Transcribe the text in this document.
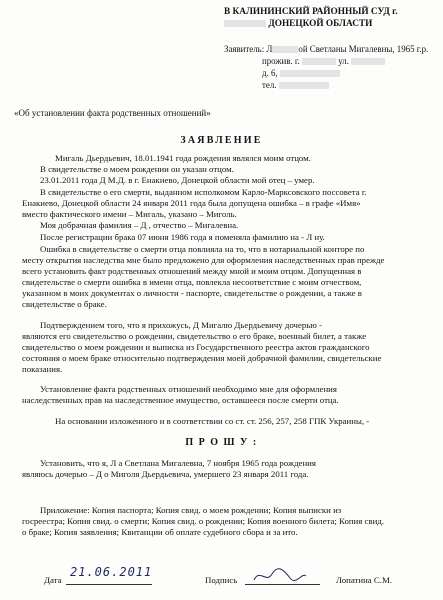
В КАЛИНИНСКИЙ РАЙОННЫЙ СУД г.
ДОНЕЦКОЙ ОБЛАСТИ
Заявитель: Л	ой Светланы Мигалевны, 1965 г.р.
прожив. г.	ул.
д. 6,
тел.
«Об установлении факта родственных отношений»
ЗАЯВЛЕНИЕ
Мигаль Дьердьевич, 18.01.1941 года рождения являлся моим отцом.
В свидетельстве о моем рождении он указан отцом.
23.01.2011 года Д М.Д. в г. Енакиево, Донецкой области мой отец – умер.
В свидетельстве о его смерти, выданном исполкомом Карло-Марксовского поссовета г.
Енакиево, Донецкой области 24 января 2011 года была допущена ошибка – в графе «Имя»
вместо фактического имени – Мигаль, указано – Миголь.
Моя добрачная фамилия – Д , отчество – Мигалевна.
После регистрации брака 07 июня 1986 года я поменяла фамилию на - Л ну.
Ошибка в свидетельстве о смерти отца повлияла на то, что в нотариальной конторе по
месту открытия наследства мне было предложено для оформления наследственных прав прежде
всего установить факт родственных отношений между мной и моим отцом. Допущенная в
свидетельстве о смерти ошибка в имени отца, повлекла несоответствие с моим отчеством,
указанном в моих документах о личности - паспорте, свидетельстве о рождении, а также в
свидетельстве о браке.
Подтверждением того, что я прихожусь, Д Мигалю Дьердьевичу дочерью -
являются его свидетельство о рождении, свидетельство о его браке, военный билет, а также
свидетельство о моем рождении и выписка из Государственного реестра актов гражданского
состояния о моем браке относительно подтверждения моей добрачной фамилии, свидетельские
показания.
Установление факта родственных отношений необходимо мне для оформления
наследственных прав на наследственное имущество, оставшееся после смерти отца.
На основании изложенного и в соответствии со ст. ст. 256, 257, 258 ГПК Украины, -
П Р О Ш У :
Установить, что я, Л а Светлана Мигалевна, 7 ноября 1965 года рождения
являюсь дочерью – Д о Миголя Дьердьевича, умершего 23 января 2011 года.
Приложение: Копия паспорта; Копия свид. о моем рождении; Копия выписки из
госреестра; Копия свид. о смерти; Копия свид. о рождении; Копия военного билета; Копия свид.
о браке; Копия заявления; Квитанции об оплате судебного сбора и за ито.
Дата
21.06.2011
Подпись	Лопатина С.М.
